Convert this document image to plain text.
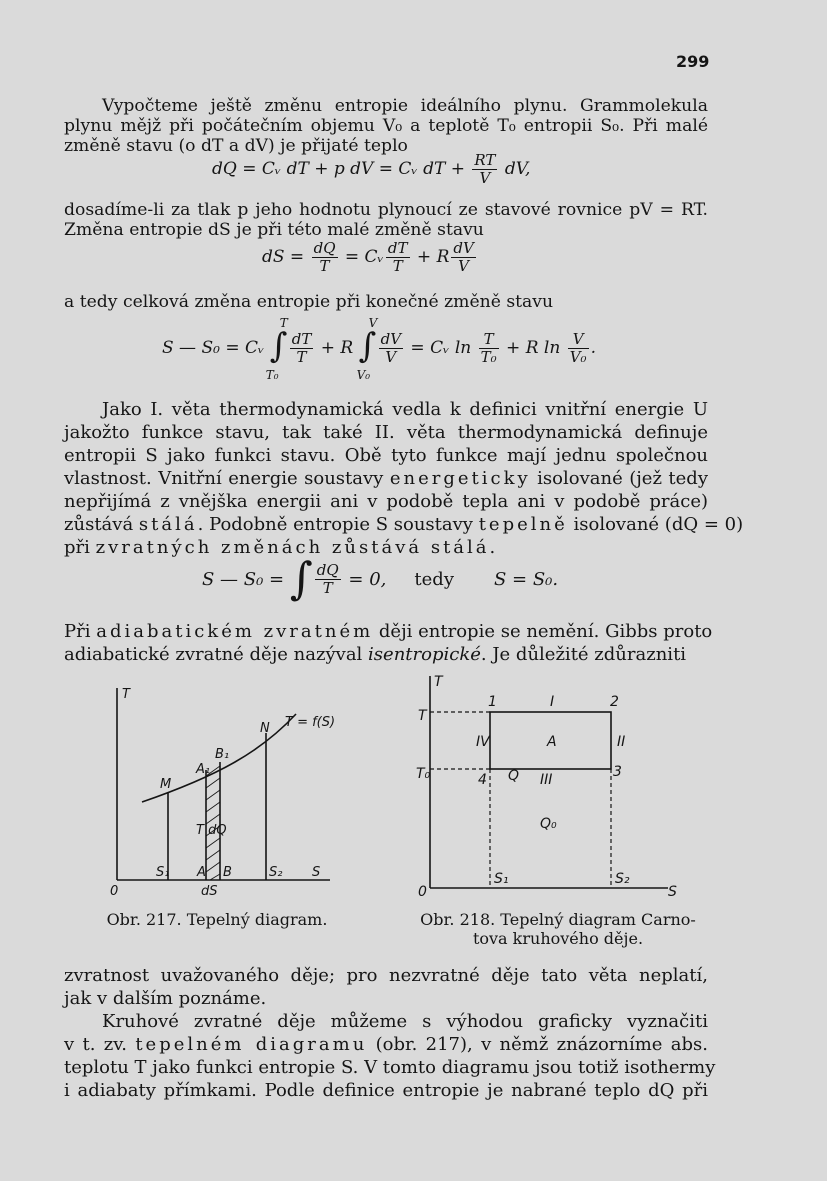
299
Vypočteme ještě změnu entropie ideálního plynu. Grammolekula
plynu mějž při počátečním objemu V₀ a teplotě T₀ entropii S₀. Při malé
změně stavu (o dT a dV) je přijaté teplo
dQ = Cᵥ dT + p dV = Cᵥ dT + $\frac{RT}{V}$ dV,
dosadíme-li za tlak p jeho hodnotu plynoucí ze stavové rovnice pV = RT.
Změna entropie dS je při této malé změně stavu
dS = $\frac{dQ}{T}$ = Cᵥ $\frac{dT}{T} + R \frac{dV}{V}$
a tedy celková změna entropie při konečné změně stavu
S — S₀ = Cᵥ
T
∫
T₀
$\frac{dT}{T} + R$
V
∫
V₀
$\frac{dV}{V}$ = Cᵥ $\ln \frac{T}{\text{T₀}} + R$ $\ln \frac{V}{\text{V₀}}$ .
Jako I. věta thermodynamická vedla k definici vnitřní energie U
jakožto funkce stavu, tak také II. věta thermodynamická definuje
entropii S jako funkci stavu. Obě tyto funkce mají jednu společnou
vlastnost. Vnitřní energie soustavy energeticky isolované (jež tedy
nepřijímá z vnějška energii ani v podobě tepla ani v podobě práce)
zůstává stálá. Podobně entropie S soustavy tepelně isolované (dQ = 0)
při zvratných změnách zůstává stálá.
S — S₀ = ∫ $\frac{dQ}{T} = 0$, tedy S = S₀.
Při adiabatickém zvratném ději entropie se nemění. Gibbs proto
adiabatické zvratné děje nazýval isentropické. Je důležité zdůrazniti
T
T = f(S)
N
B₁
A₁
M
T dQ
0
S₁ A B	S₂ S
dS
Obr. 217. Tepelný diagram.
T
T
T₀
1	I	2
IV	A	II
4 Q III	3
Q₀
0
S₁	S₂
S
Obr. 218. Tepelný diagram Carno-
tova kruhového děje.
zvratnost uvažovaného děje; pro nezvratné děje tato věta neplatí,
jak v dalším poznáme.
Kruhové zvratné děje můžeme s výhodou graficky vyznačiti
v t. zv. tepelném diagramu (obr. 217), v němž znázorníme abs.
teplotu T jako funkci entropie S. V tomto diagramu jsou totiž isothermy
i adiabaty přímkami. Podle definice entropie je nabrané teplo dQ při
